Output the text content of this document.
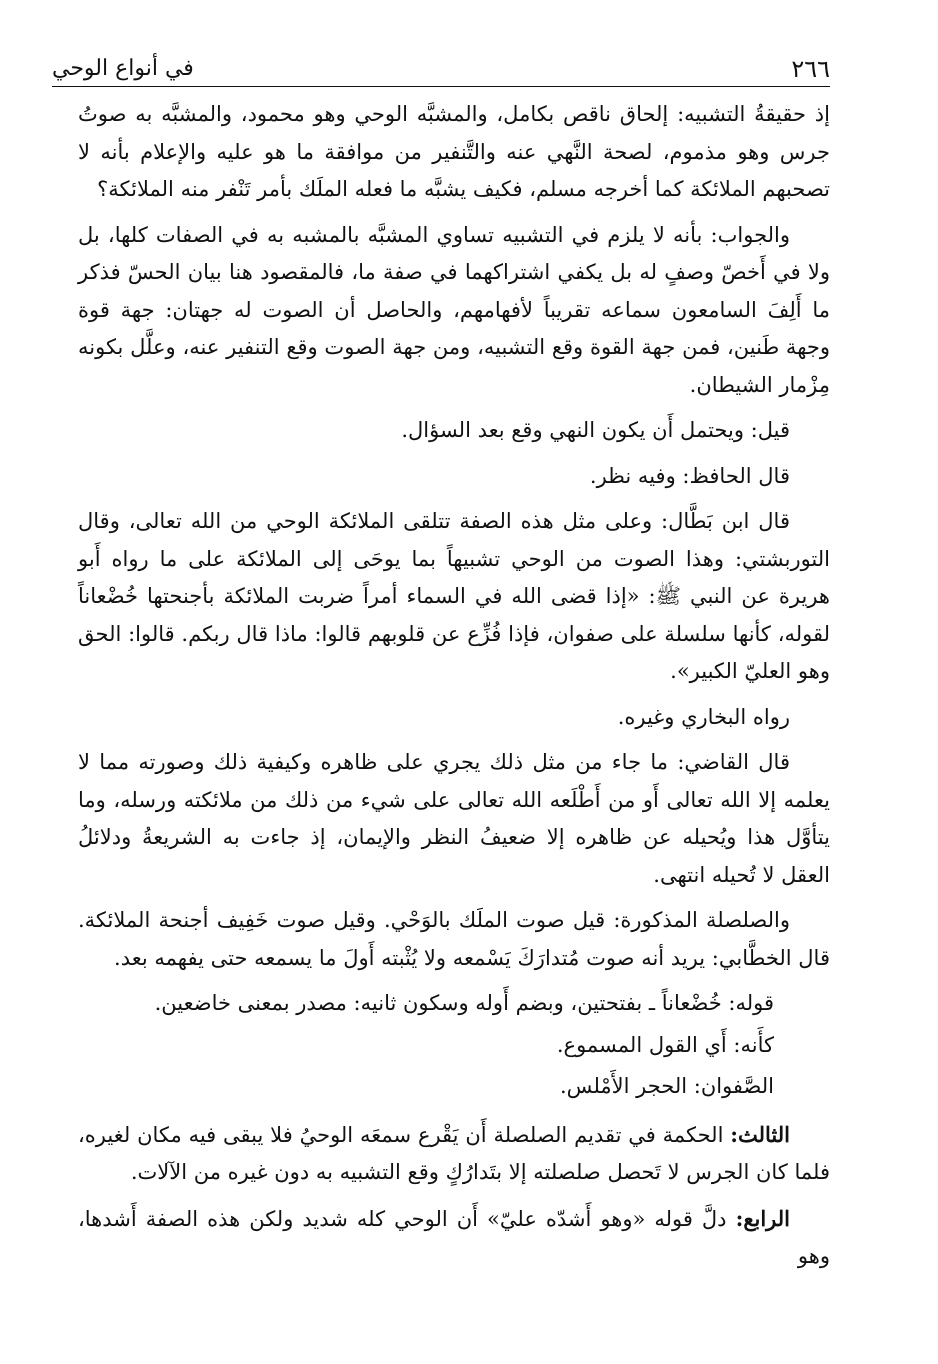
٢٦٦
في أنواع الوحي

إذ حقيقةُ التشبيه: إلحاق ناقص بكامل، والمشبَّه الوحي وهو محمود، والمشبَّه به صوتُ جرس وهو مذموم، لصحة النَّهي عنه والتَّنفير من موافقة ما هو عليه والإعلام بأنه لا تصحبهم الملائكة كما أخرجه مسلم، فكيف يشبَّه ما فعله الملَك بأمر تَنْفر منه الملائكة؟

والجواب: بأنه لا يلزم في التشبيه تساوي المشبَّه بالمشبه به في الصفات كلها، بل ولا في أَخصّ وصفٍ له بل يكفي اشتراكهما في صفة ما، فالمقصود هنا بيان الحسّ فذكر ما أَلِفَ السامعون سماعه تقريباً لأفهامهم، والحاصل أن الصوت له جهتان: جهة قوة وجهة طَنين، فمن جهة القوة وقع التشبيه، ومن جهة الصوت وقع التنفير عنه، وعلَّل بكونه مِزْمار الشيطان.

قيل: ويحتمل أَن يكون النهي وقع بعد السؤال.

قال الحافظ: وفيه نظر.

قال ابن بَطَّال: وعلى مثل هذه الصفة تتلقى الملائكة الوحي من الله تعالى، وقال التوربشتي: وهذا الصوت من الوحي تشبيهاً بما يوحَى إلى الملائكة على ما رواه أَبو هريرة عن النبي ﷺ: «إذا قضى الله في السماء أمراً ضربت الملائكة بأجنحتها خُضْعاناً لقوله، كأنها سلسلة على صفوان، فإذا فُزِّع عن قلوبهم قالوا: ماذا قال ربكم. قالوا: الحق وهو العليّ الكبير».

رواه البخاري وغيره.

قال القاضي: ما جاء من مثل ذلك يجري على ظاهره وكيفية ذلك وصورته مما لا يعلمه إلا الله تعالى أَو من أَطْلَعه الله تعالى على شيء من ذلك من ملائكته ورسله، وما يتأوَّل هذا ويُحيله عن ظاهره إلا ضعيفُ النظر والإيمان، إذ جاءت به الشريعةُ ودلائلُ العقل لا تُحيله انتهى.

والصلصلة المذكورة: قيل صوت الملَك بالوَحْي. وقيل صوت خَفِيف أجنحة الملائكة. قال الخطَّابي: يريد أنه صوت مُتدارَكَ يَسْمعه ولا يُثْبته أَولَ ما يسمعه حتى يفهمه بعد.

قوله: خُضْعاناً ـ بفتحتين، وبضم أَوله وسكون ثانيه: مصدر بمعنى خاضعين.

كأَنه: أَي القول المسموع.

الصَّفوان: الحجر الأَمْلس.

الثالث: الحكمة في تقديم الصلصلة أَن يَقْرع سمعَه الوحيُ فلا يبقى فيه مكان لغيره، فلما كان الجرس لا تَحصل صلصلته إلا بتَدارُكٍ وقع التشبيه به دون غيره من الآلات.

الرابع: دلَّ قوله «وهو أَشدّه عليّ» أَن الوحي كله شديد ولكن هذه الصفة أَشدها، وهو
